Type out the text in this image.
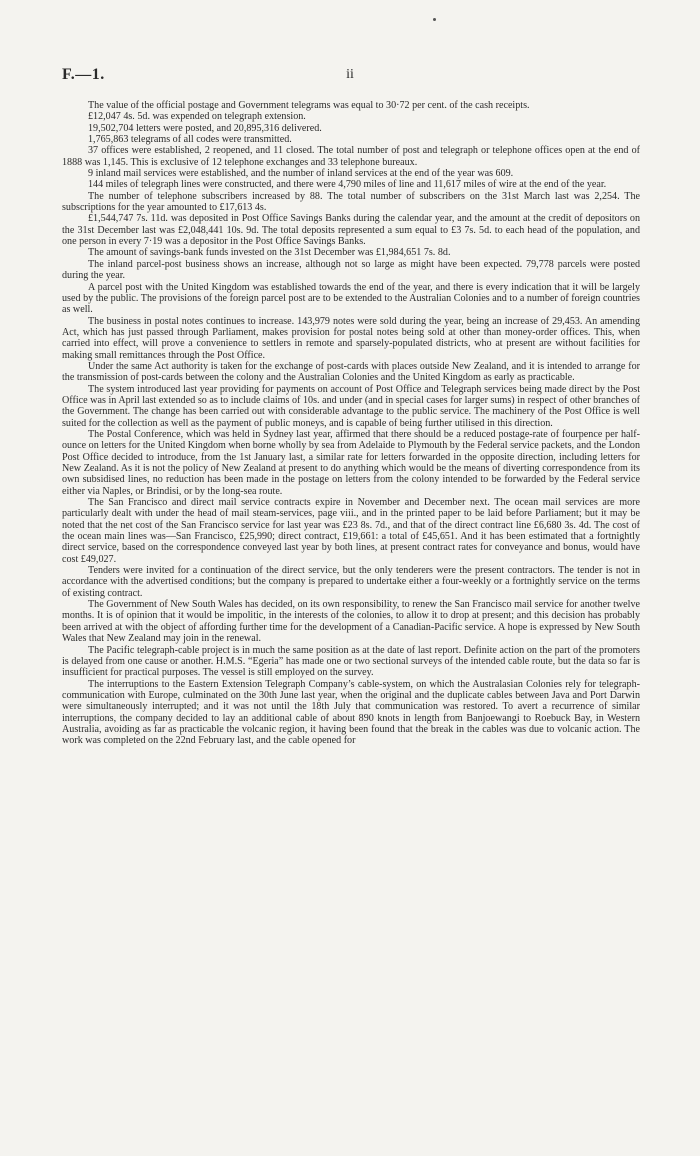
F.—1.	ii

The value of the official postage and Government telegrams was equal to 30·72 per cent. of the cash receipts.

£12,047 4s. 5d. was expended on telegraph extension.

19,502,704 letters were posted, and 20,895,316 delivered.

1,765,863 telegrams of all codes were transmitted.

37 offices were established, 2 reopened, and 11 closed. The total number of post and telegraph or telephone offices open at the end of 1888 was 1,145. This is exclusive of 12 telephone exchanges and 33 telephone bureaux.

9 inland mail services were established, and the number of inland services at the end of the year was 609.

144 miles of telegraph lines were constructed, and there were 4,790 miles of line and 11,617 miles of wire at the end of the year.

The number of telephone subscribers increased by 88. The total number of subscribers on the 31st March last was 2,254. The subscriptions for the year amounted to £17,613 4s.

£1,544,747 7s. 11d. was deposited in Post Office Savings Banks during the calendar year, and the amount at the credit of depositors on the 31st December last was £2,048,441 10s. 9d. The total deposits represented a sum equal to £3 7s. 5d. to each head of the population, and one person in every 7·19 was a depositor in the Post Office Savings Banks.

The amount of savings-bank funds invested on the 31st December was £1,984,651 7s. 8d.

The inland parcel-post business shows an increase, although not so large as might have been expected. 79,778 parcels were posted during the year.

A parcel post with the United Kingdom was established towards the end of the year, and there is every indication that it will be largely used by the public. The provisions of the foreign parcel post are to be extended to the Australian Colonies and to a number of foreign countries as well.

The business in postal notes continues to increase. 143,979 notes were sold during the year, being an increase of 29,453. An amending Act, which has just passed through Parliament, makes provision for postal notes being sold at other than money-order offices. This, when carried into effect, will prove a convenience to settlers in remote and sparsely-populated districts, who at present are without facilities for making small remittances through the Post Office.

Under the same Act authority is taken for the exchange of post-cards with places outside New Zealand, and it is intended to arrange for the transmission of post-cards between the colony and the Australian Colonies and the United Kingdom as early as practicable.

The system introduced last year providing for payments on account of Post Office and Telegraph services being made direct by the Post Office was in April last extended so as to include claims of 10s. and under (and in special cases for larger sums) in respect of other branches of the Government. The change has been carried out with considerable advantage to the public service. The machinery of the Post Office is well suited for the collection as well as the payment of public moneys, and is capable of being further utilised in this direction.

The Postal Conference, which was held in Sydney last year, affirmed that there should be a reduced postage-rate of fourpence per half-ounce on letters for the United Kingdom when borne wholly by sea from Adelaide to Plymouth by the Federal service packets, and the London Post Office decided to introduce, from the 1st January last, a similar rate for letters forwarded in the opposite direction, including letters for New Zealand. As it is not the policy of New Zealand at present to do anything which would be the means of diverting correspondence from its own subsidised lines, no reduction has been made in the postage on letters from the colony intended to be forwarded by the Federal service either via Naples, or Brindisi, or by the long-sea route.

The San Francisco and direct mail service contracts expire in November and December next. The ocean mail services are more particularly dealt with under the head of mail steam-services, page viii., and in the printed paper to be laid before Parliament; but it may be noted that the net cost of the San Francisco service for last year was £23 8s. 7d., and that of the direct contract line £6,680 3s. 4d. The cost of the ocean main lines was—San Francisco, £25,990; direct contract, £19,661: a total of £45,651. And it has been estimated that a fortnightly direct service, based on the correspondence conveyed last year by both lines, at present contract rates for conveyance and bonus, would have cost £49,027.

Tenders were invited for a continuation of the direct service, but the only tenderers were the present contractors. The tender is not in accordance with the advertised conditions; but the company is prepared to undertake either a four-weekly or a fortnightly service on the terms of existing contract.

The Government of New South Wales has decided, on its own responsibility, to renew the San Francisco mail service for another twelve months. It is of opinion that it would be impolitic, in the interests of the colonies, to allow it to drop at present; and this decision has probably been arrived at with the object of affording further time for the development of a Canadian-Pacific service. A hope is expressed by New South Wales that New Zealand may join in the renewal.

The Pacific telegraph-cable project is in much the same position as at the date of last report. Definite action on the part of the promoters is delayed from one cause or another. H.M.S. “Egeria” has made one or two sectional surveys of the intended cable route, but the data so far is insufficient for practical purposes. The vessel is still employed on the survey.

The interruptions to the Eastern Extension Telegraph Company’s cable-system, on which the Australasian Colonies rely for telegraph-communication with Europe, culminated on the 30th June last year, when the original and the duplicate cables between Java and Port Darwin were simultaneously interrupted; and it was not until the 18th July that communication was restored. To avert a recurrence of similar interruptions, the company decided to lay an additional cable of about 890 knots in length from Banjoewangi to Roebuck Bay, in Western Australia, avoiding as far as practicable the volcanic region, it having been found that the break in the cables was due to volcanic action. The work was completed on the 22nd February last, and the cable opened for
